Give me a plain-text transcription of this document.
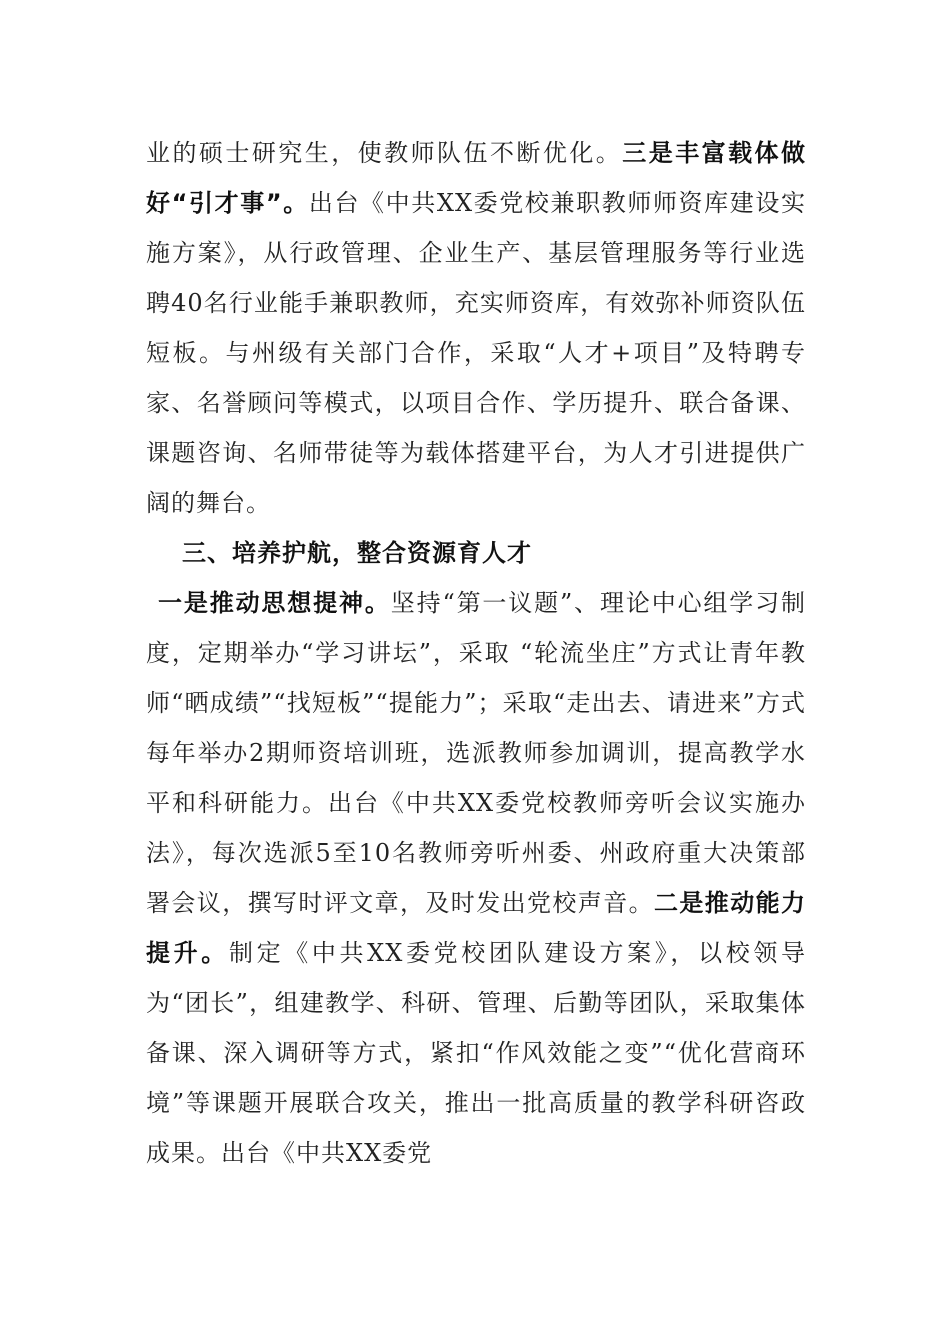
业的硕士研究生，使教师队伍不断优化。三是丰富载体做好“引才事”。出台《中共XX委党校兼职教师师资库建设实施方案》，从行政管理、企业生产、基层管理服务等行业选聘40名行业能手兼职教师，充实师资库，有效弥补师资队伍短板。与州级有关部门合作，采取“人才+项目”及特聘专家、名誉顾问等模式，以项目合作、学历提升、联合备课、课题咨询、名师带徒等为载体搭建平台，为人才引进提供广阔的舞台。

三、培养护航，整合资源育人才

一是推动思想提神。坚持“第一议题”、理论中心组学习制度，定期举办“学习讲坛”，采取 “轮流坐庄”方式让青年教师“晒成绩”“找短板”“提能力”；采取“走出去、请进来”方式每年举办2期师资培训班，选派教师参加调训，提高教学水平和科研能力。出台《中共XX委党校教师旁听会议实施办法》，每次选派5至10名教师旁听州委、州政府重大决策部署会议，撰写时评文章，及时发出党校声音。二是推动能力提升。制定《中共XX委党校团队建设方案》，以校领导为“团长”，组建教学、科研、管理、后勤等团队，采取集体备课、深入调研等方式，紧扣“作风效能之变”“优化营商环境”等课题开展联合攻关，推出一批高质量的教学科研咨政成果。出台《中共XX委党
